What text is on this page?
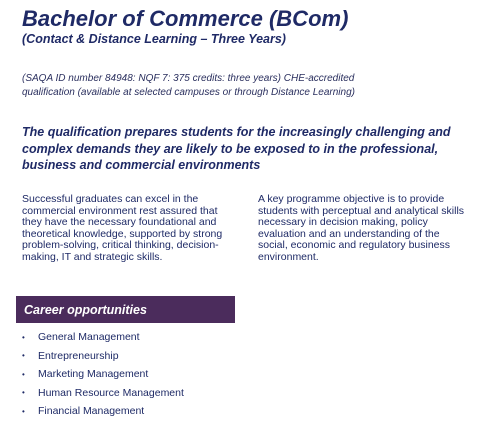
Bachelor of Commerce (BCom)

(Contact & Distance Learning – Three Years)

(SAQA ID number 84948: NQF 7: 375 credits: three years) CHE-accredited qualification (available at selected campuses or through Distance Learning)

The qualification prepares students for the increasingly challenging and complex demands they are likely to be exposed to in the professional, business and commercial environments

Successful graduates can excel in the commercial environment rest assured that they have the necessary foundational and theoretical knowledge, supported by strong problem-solving, critical thinking, decision-making, IT and strategic skills.

A key programme objective is to provide students with perceptual and analytical skills necessary in decision making, policy evaluation and an understanding of the social, economic and regulatory business environment.

Career opportunities
•	General Management
•	Entrepreneurship
•	Marketing Management
•	Human Resource Management
•	Financial Management
